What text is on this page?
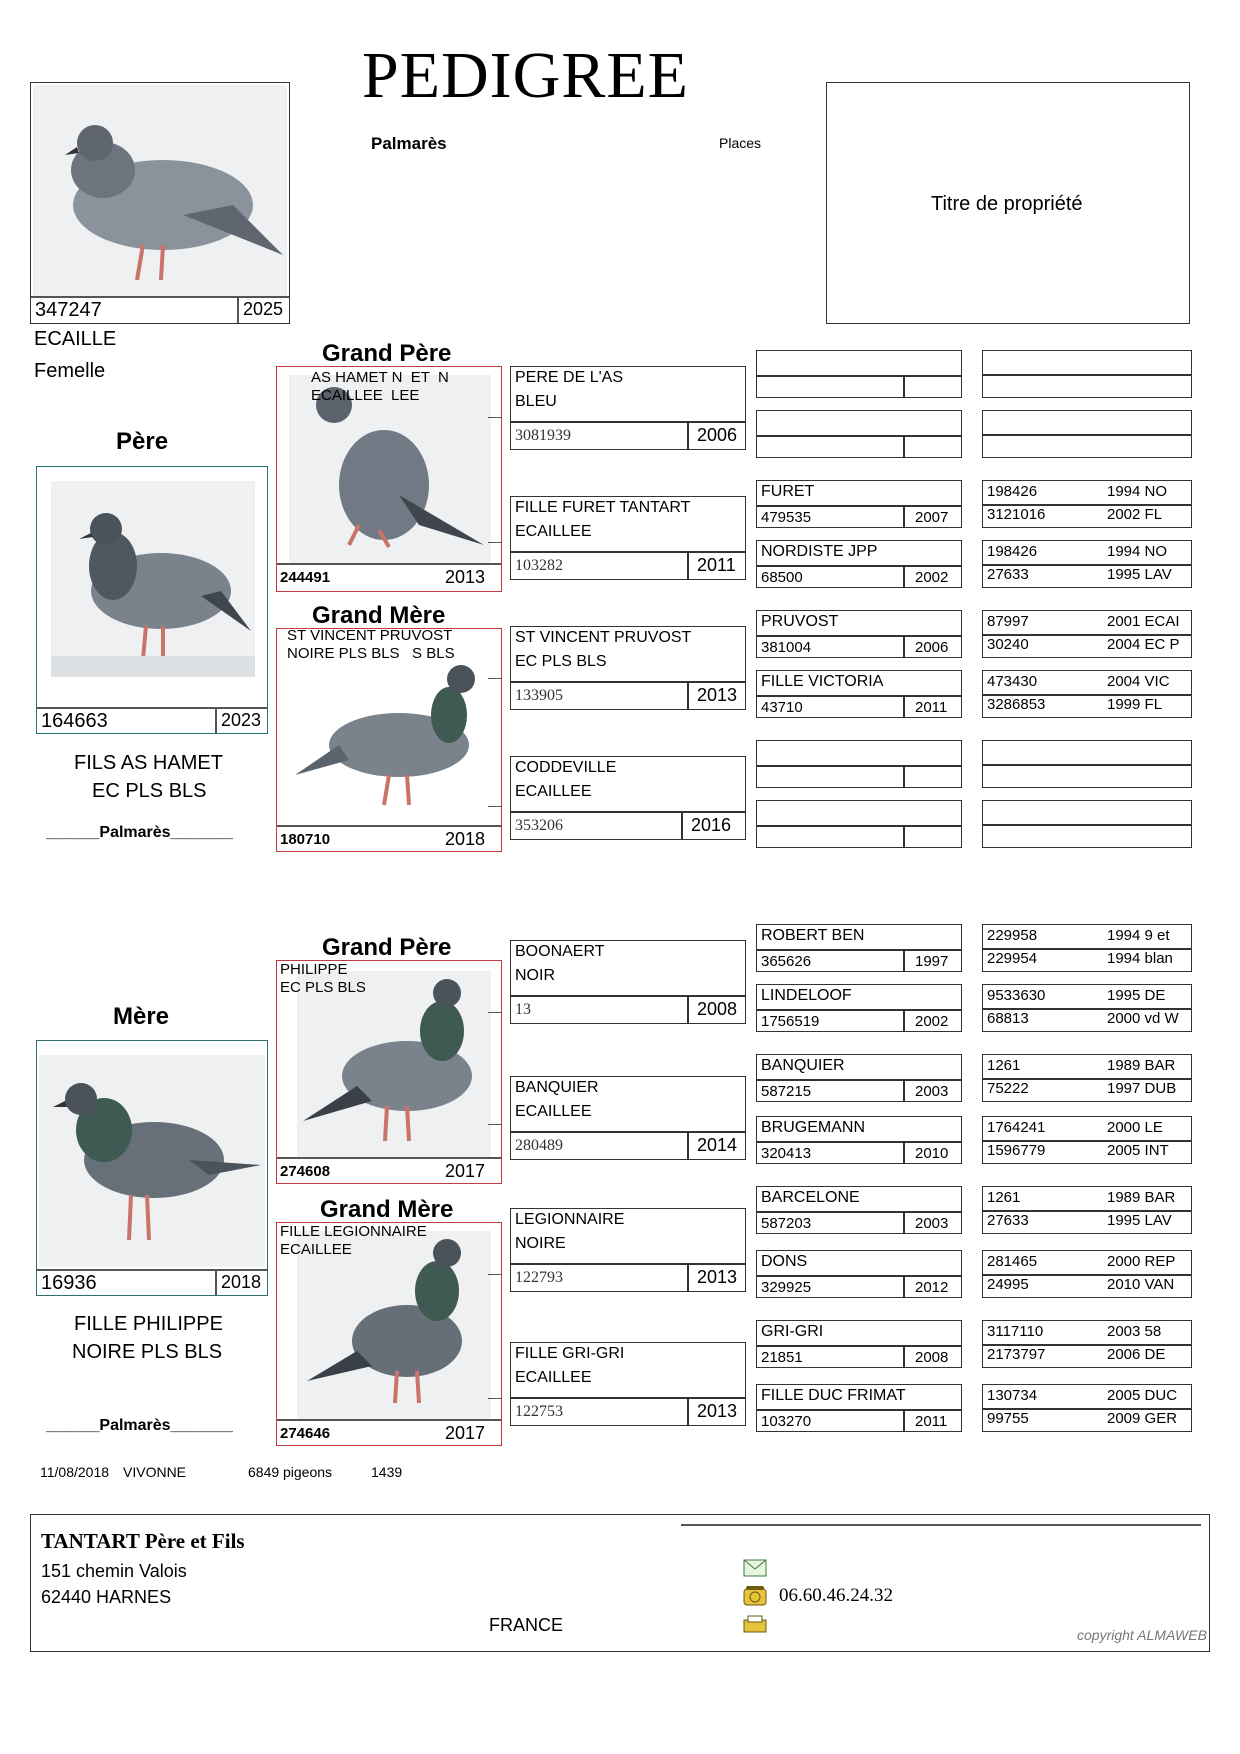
PEDIGREE
Palmarès	Places
Titre de propriété
347247	2025
ECAILLE
Femelle
Père
164663	2023
FILS AS HAMET
EC PLS BLS
______Palmarès_______
Mère
16936	2018
FILLE PHILIPPE
NOIRE PLS BLS
______Palmarès_______
Grand Père
AS HAMET N  ET  N
ECAILLEE  LEE
244491	2013
Grand Mère
ST VINCENT PRUVOST
NOIRE PLS BLS   S BLS
180710	2018
Grand Père
PHILIPPE
EC PLS BLS
274608	2017
Grand Mère
FILLE LEGIONNAIRE
ECAILLEE
274646	2017
PERE DE L'AS
BLEU
3081939	2006
FILLE FURET TANTART
ECAILLEE
103282	2011
ST VINCENT PRUVOST
EC PLS BLS
133905	2013
CODDEVILLE
ECAILLEE
353206	2016
BOONAERT
NOIR
13	2008
BANQUIER
ECAILLEE
280489	2014
LEGIONNAIRE
NOIRE
122793	2013
FILLE GRI-GRI
ECAILLEE
122753	2013
FURET
479535	2007
NORDISTE JPP
68500	2002
PRUVOST
381004	2006
FILLE VICTORIA
43710	2011
ROBERT BEN
365626	1997
LINDELOOF
1756519	2002
BANQUIER
587215	2003
BRUGEMANN
320413	2010
BARCELONE
587203	2003
DONS
329925	2012
GRI-GRI
21851	2008
FILLE DUC FRIMAT
103270	2011
198426	1994 NO
3121016	2002 FL
198426	1994 NO
27633	1995 LAV
87997	2001 ECAI
30240	2004 EC P
473430	2004 VIC
3286853	1999 FL
229958	1994 9 et
229954	1994 blan
9533630	1995 DE
68813	2000 vd W
1261	1989 BAR
75222	1997 DUB
1764241	2000 LE
1596779	2005 INT
1261	1989 BAR
27633	1995 LAV
281465	2000 REP
24995	2010 VAN
3117110	2003 58
2173797	2006 DE
130734	2005 DUC
99755	2009 GER
11/08/2018 VIVONNE	6849 pigeons	1439
TANTART Père et Fils
151 chemin Valois
62440 HARNES
FRANCE
06.60.46.24.32
copyright ALMAWEB
